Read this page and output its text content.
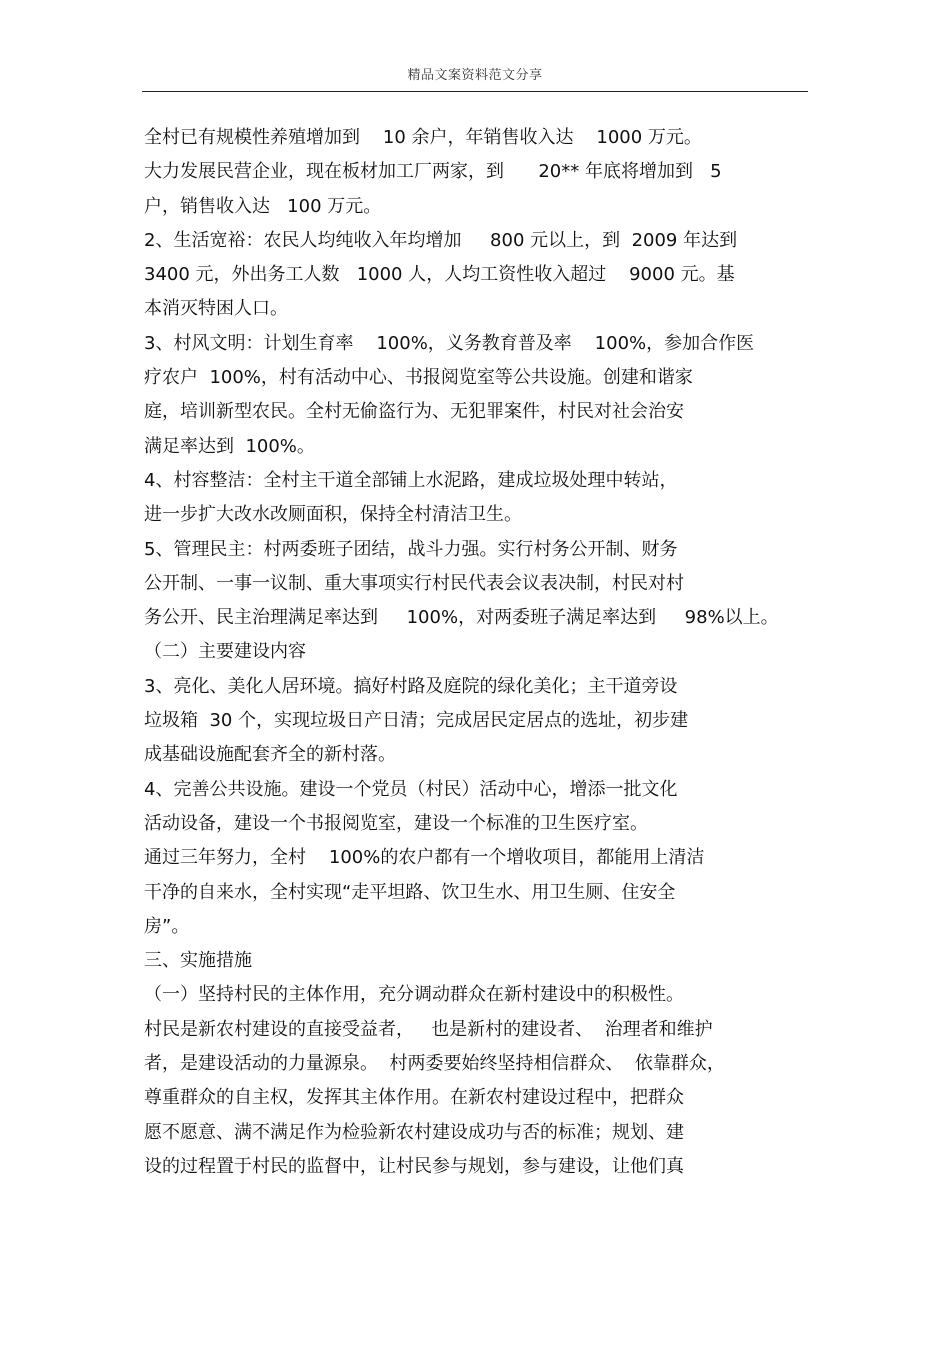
精品文案资料范文分享
全村已有规模性养殖增加到    10 余户，年销售收入达    1000 万元。
大力发展民营企业，现在板材加工厂两家，到      20** 年底将增加到   5
户，销售收入达   100 万元。
2、生活宽裕：农民人均纯收入年均增加     800 元以上，到  2009 年达到
3400 元，外出务工人数   1000 人，人均工资性收入超过    9000 元。基
本消灭特困人口。
3、村风文明：计划生育率    100%，义务教育普及率    100%，参加合作医
疗农户  100%，村有活动中心、书报阅览室等公共设施。创建和谐家
庭，培训新型农民。全村无偷盗行为、无犯罪案件，村民对社会治安
满足率达到  100%。
4、村容整洁：全村主干道全部铺上水泥路，建成垃圾处理中转站，
进一步扩大改水改厕面积，保持全村清洁卫生。
5、管理民主：村两委班子团结，战斗力强。实行村务公开制、财务
公开制、一事一议制、重大事项实行村民代表会议表决制，村民对村
务公开、民主治理满足率达到     100%，对两委班子满足率达到     98%以上。
（二）主要建设内容
3、亮化、美化人居环境。搞好村路及庭院的绿化美化；主干道旁设
垃圾箱  30 个，实现垃圾日产日清；完成居民定居点的选址，初步建
成基础设施配套齐全的新村落。
4、完善公共设施。建设一个党员（村民）活动中心，增添一批文化
活动设备，建设一个书报阅览室，建设一个标准的卫生医疗室。
通过三年努力，全村    100%的农户都有一个增收项目，都能用上清洁
干净的自来水，全村实现“走平坦路、饮卫生水、用卫生厕、住安全
房”。
三、实施措施
（一）坚持村民的主体作用，充分调动群众在新村建设中的积极性。
村民是新农村建设的直接受益者，   也是新村的建设者、  治理者和维护
者，是建设活动的力量源泉。  村两委要始终坚持相信群众、  依靠群众，
尊重群众的自主权，发挥其主体作用。在新农村建设过程中，把群众
愿不愿意、满不满足作为检验新农村建设成功与否的标准；规划、建
设的过程置于村民的监督中，让村民参与规划，参与建设，让他们真
